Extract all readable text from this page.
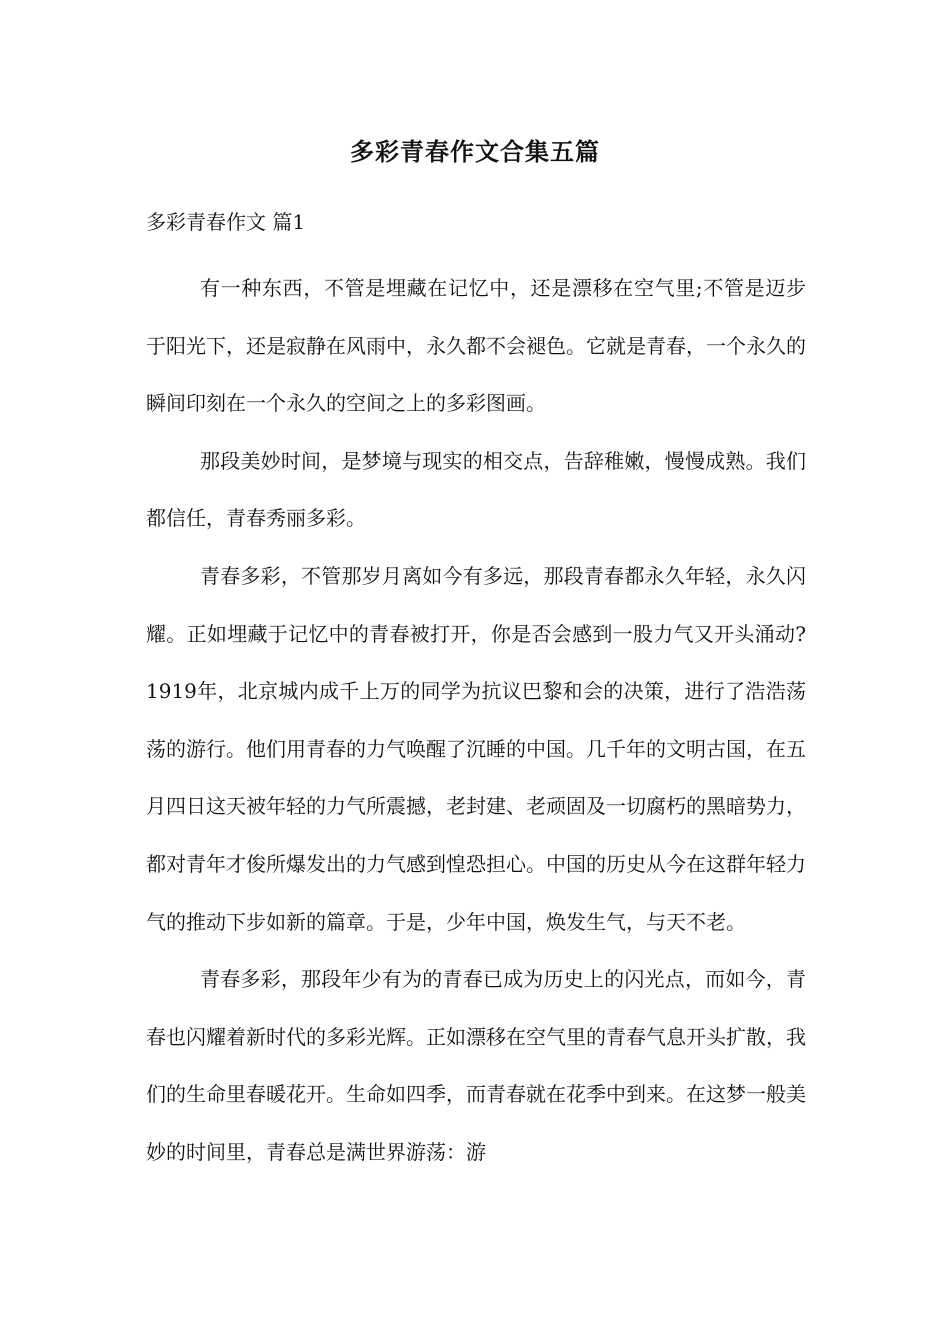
多彩青春作文合集五篇
多彩青春作文 篇1

有一种东西，不管是埋藏在记忆中，还是漂移在空气里;不管是迈步于阳光下，还是寂静在风雨中，永久都不会褪色。它就是青春，一个永久的瞬间印刻在一个永久的空间之上的多彩图画。

那段美妙时间，是梦境与现实的相交点，告辞稚嫩，慢慢成熟。我们都信任，青春秀丽多彩。

青春多彩，不管那岁月离如今有多远，那段青春都永久年轻，永久闪耀。正如埋藏于记忆中的青春被打开，你是否会感到一股力气又开头涌动?1919年，北京城内成千上万的同学为抗议巴黎和会的决策，进行了浩浩荡荡的游行。他们用青春的力气唤醒了沉睡的中国。几千年的文明古国，在五月四日这天被年轻的力气所震撼，老封建、老顽固及一切腐朽的黑暗势力，都对青年才俊所爆发出的力气感到惶恐担心。中国的历史从今在这群年轻力气的推动下步如新的篇章。于是，少年中国，焕发生气，与天不老。

青春多彩，那段年少有为的青春已成为历史上的闪光点，而如今，青春也闪耀着新时代的多彩光辉。正如漂移在空气里的青春气息开头扩散，我们的生命里春暖花开。生命如四季，而青春就在花季中到来。在这梦一般美妙的时间里，青春总是满世界游荡：游
